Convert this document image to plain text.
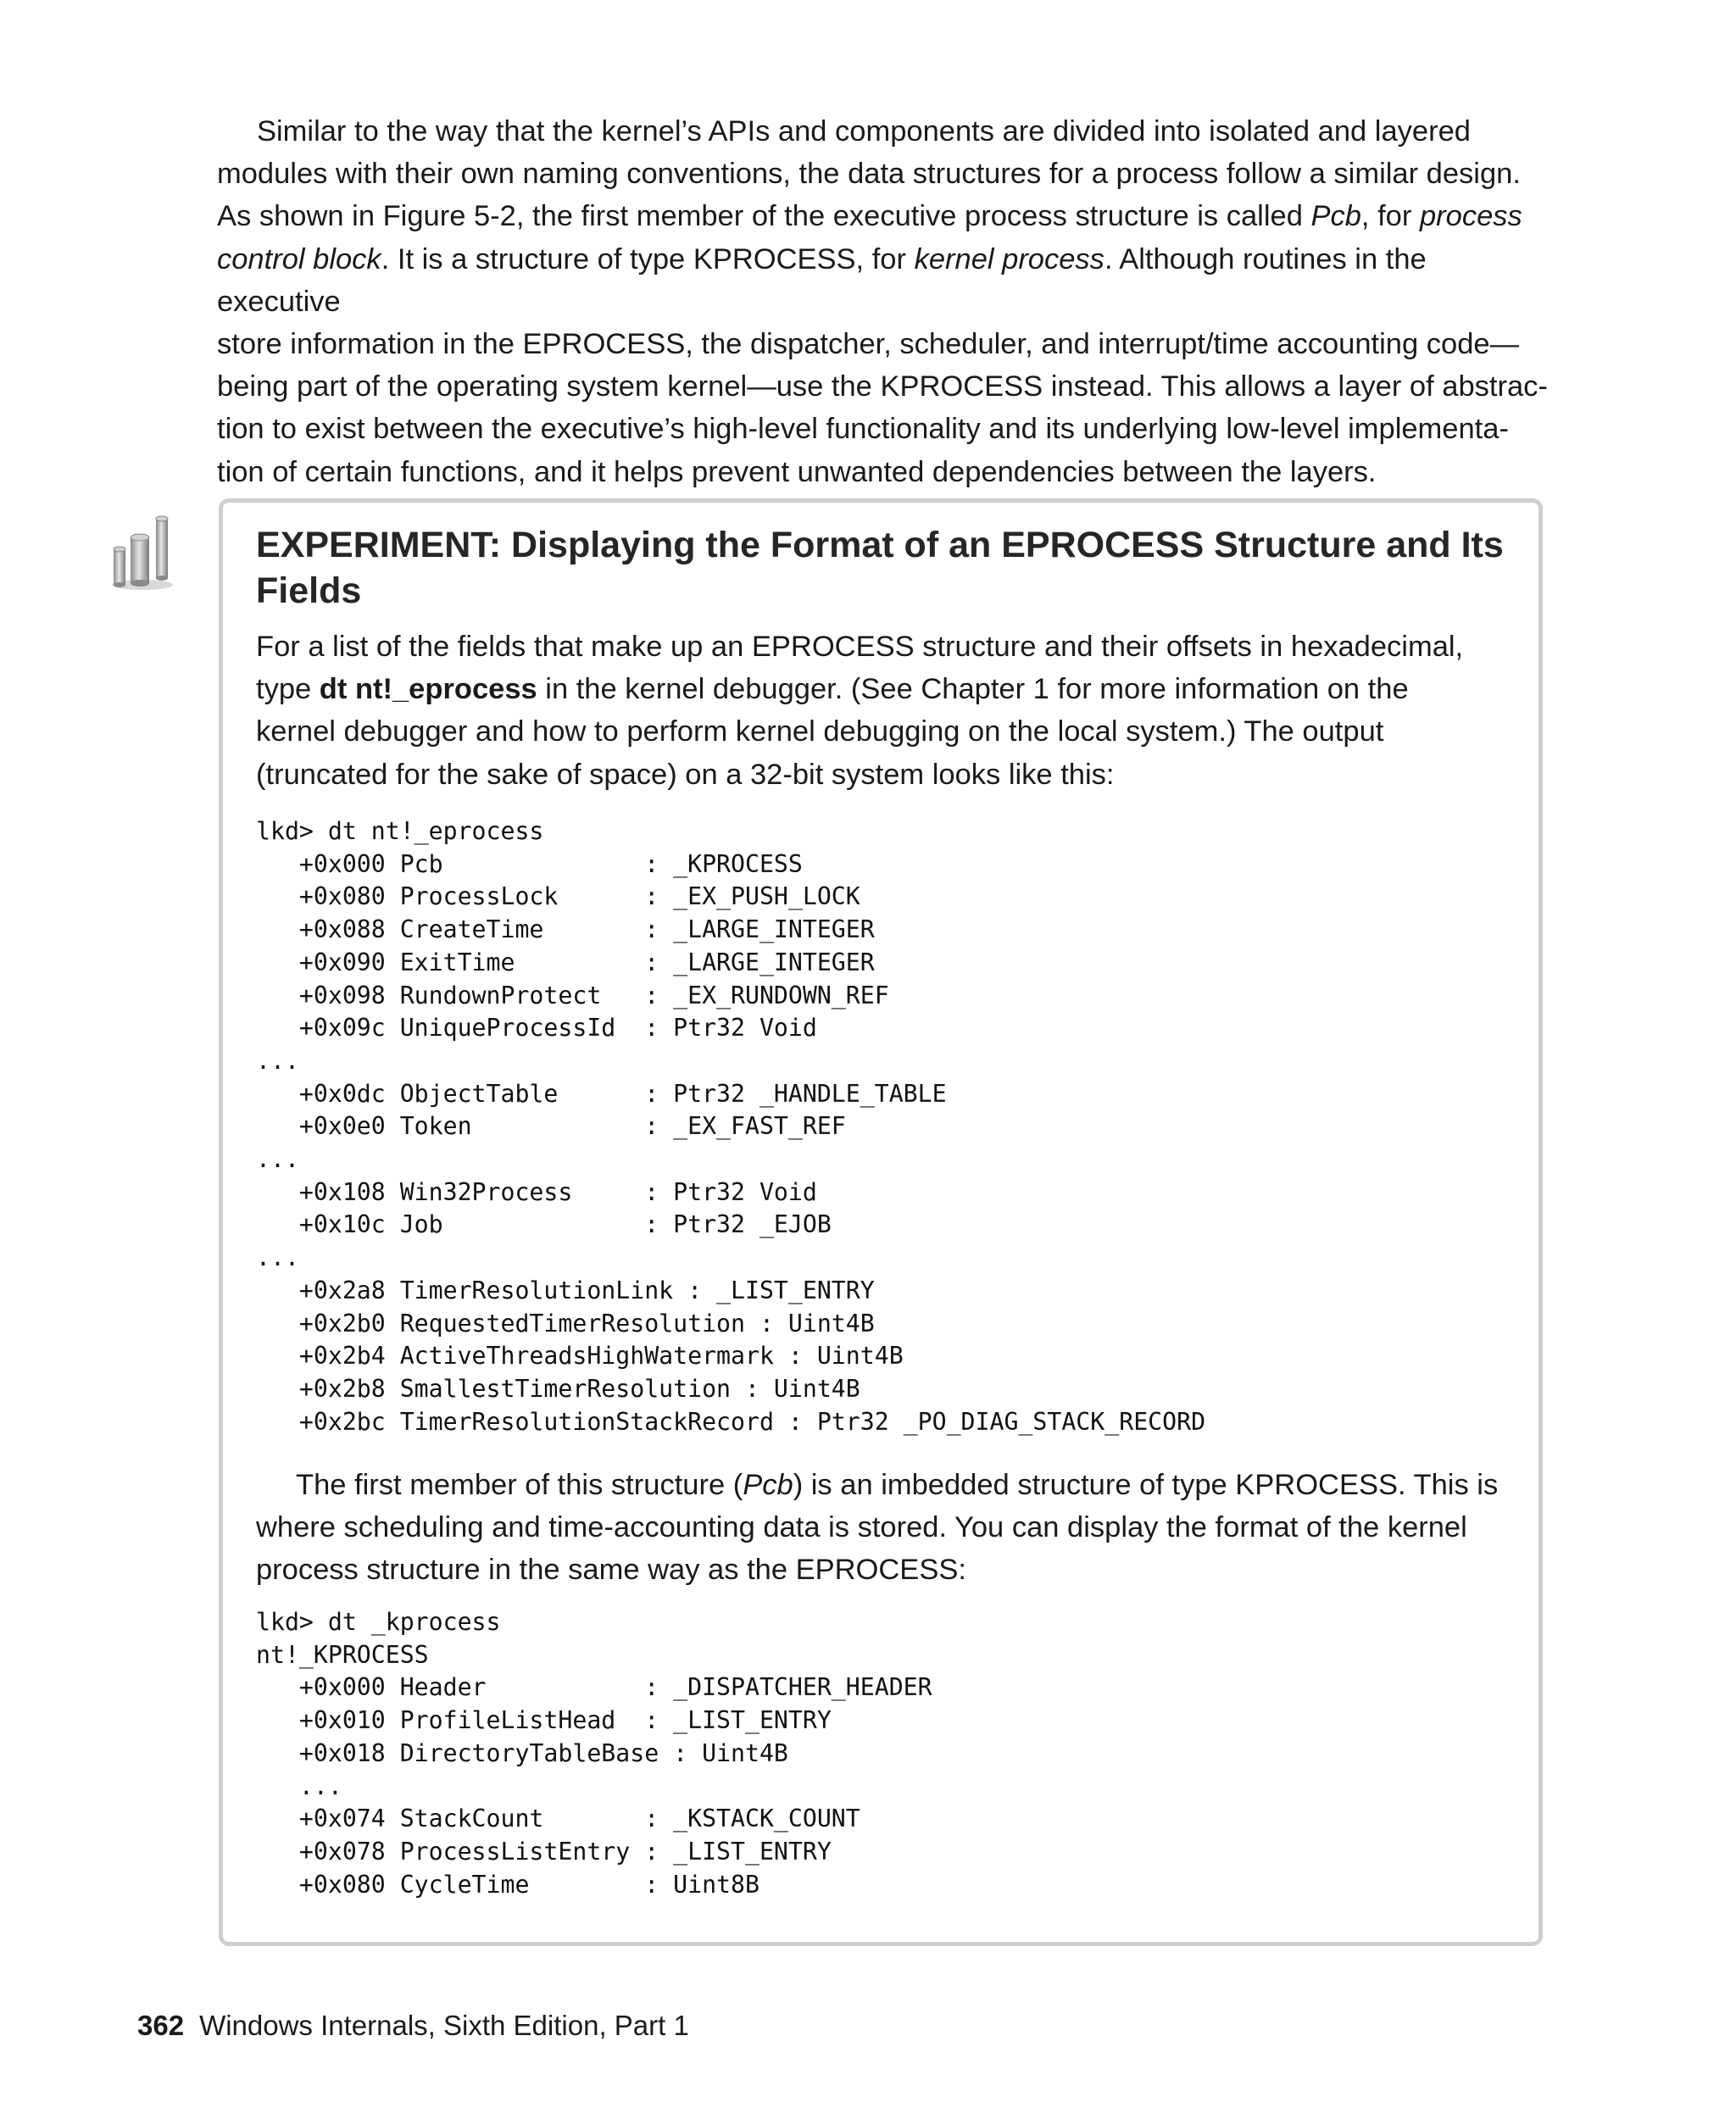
Similar to the way that the kernel’s APIs and components are divided into isolated and layered
modules with their own naming conventions, the data structures for a process follow a similar design.
As shown in Figure 5-2, the first member of the executive process structure is called Pcb, for process
control block. It is a structure of type KPROCESS, for kernel process. Although routines in the executive
store information in the EPROCESS, the dispatcher, scheduler, and interrupt/time accounting code—
being part of the operating system kernel—use the KPROCESS instead. This allows a layer of abstrac-
tion to exist between the executive’s high-level functionality and its underlying low-level implementa-
tion of certain functions, and it helps prevent unwanted dependencies between the layers.

EXPERIMENT: Displaying the Format of an EPROCESS Structure and Its
Fields

For a list of the fields that make up an EPROCESS structure and their offsets in hexadecimal,
type dt nt!_eprocess in the kernel debugger. (See Chapter 1 for more information on the
kernel debugger and how to perform kernel debugging on the local system.) The output
(truncated for the sake of space) on a 32-bit system looks like this:

lkd> dt nt!_eprocess
+0x000 Pcb              : _KPROCESS
+0x080 ProcessLock      : _EX_PUSH_LOCK
+0x088 CreateTime       : _LARGE_INTEGER
+0x090 ExitTime         : _LARGE_INTEGER
+0x098 RundownProtect   : _EX_RUNDOWN_REF
+0x09c UniqueProcessId  : Ptr32 Void
...
+0x0dc ObjectTable      : Ptr32 _HANDLE_TABLE
+0x0e0 Token            : _EX_FAST_REF
...
+0x108 Win32Process     : Ptr32 Void
+0x10c Job              : Ptr32 _EJOB
...
+0x2a8 TimerResolutionLink : _LIST_ENTRY
+0x2b0 RequestedTimerResolution : Uint4B
+0x2b4 ActiveThreadsHighWatermark : Uint4B
+0x2b8 SmallestTimerResolution : Uint4B
+0x2bc TimerResolutionStackRecord : Ptr32 _PO_DIAG_STACK_RECORD

The first member of this structure (Pcb) is an imbedded structure of type KPROCESS. This is
where scheduling and time-accounting data is stored. You can display the format of the kernel
process structure in the same way as the EPROCESS:

lkd> dt _kprocess
nt!_KPROCESS
+0x000 Header           : _DISPATCHER_HEADER
+0x010 ProfileListHead  : _LIST_ENTRY
+0x018 DirectoryTableBase : Uint4B
...
+0x074 StackCount       : _KSTACK_COUNT
+0x078 ProcessListEntry : _LIST_ENTRY
+0x080 CycleTime        : Uint8B
362 Windows Internals, Sixth Edition, Part 1
